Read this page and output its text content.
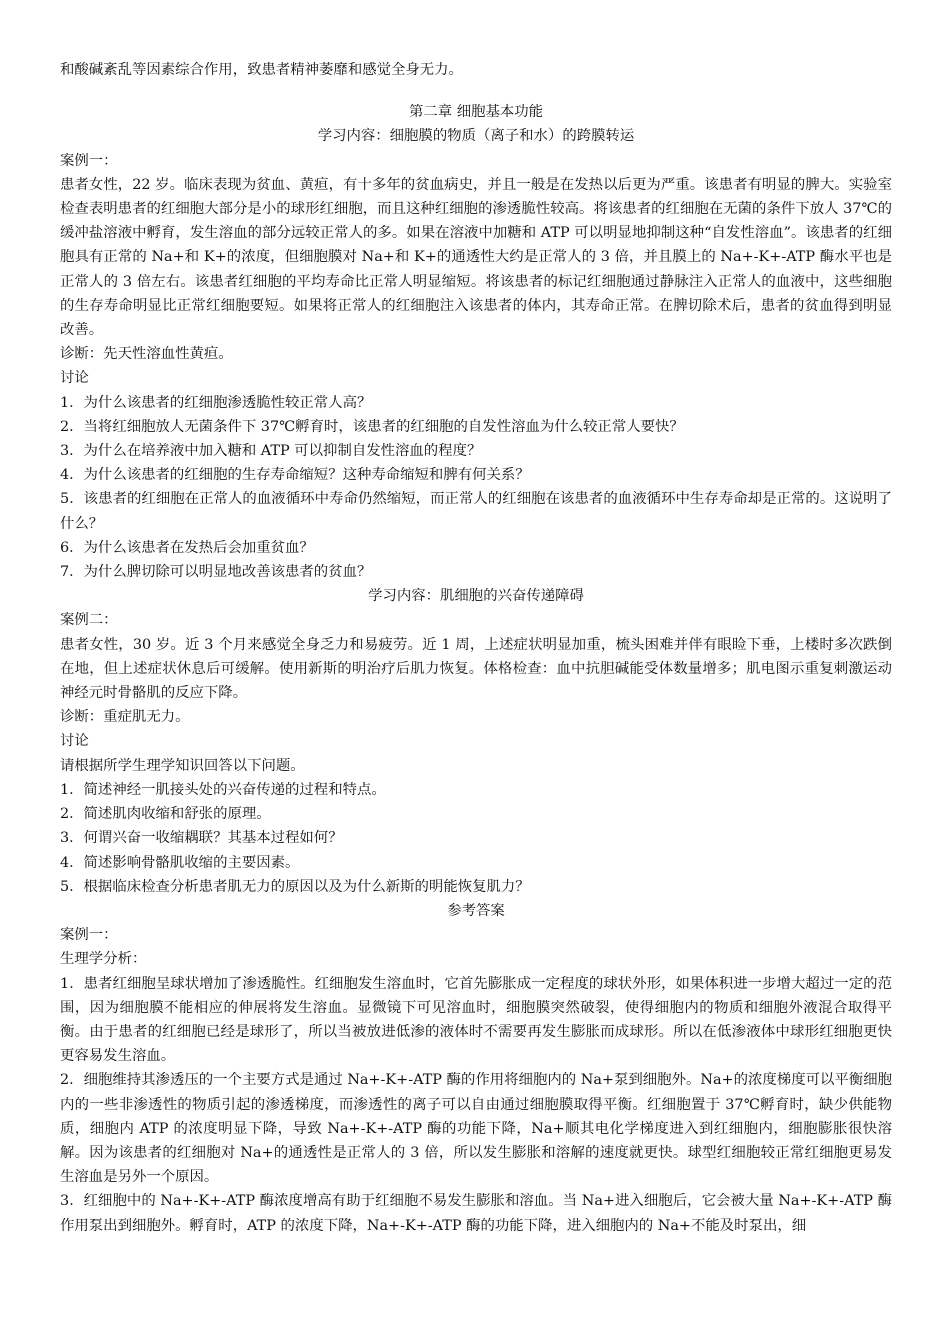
和酸碱紊乱等因素综合作用，致患者精神萎靡和感觉全身无力。
第二章 细胞基本功能
学习内容：细胞膜的物质（离子和水）的跨膜转运
案例一：
患者女性，22 岁。临床表现为贫血、黄疸，有十多年的贫血病史，并且一般是在发热以后更为严重。该患者有明显的脾大。实验室检查表明患者的红细胞大部分是小的球形红细胞，而且这种红细胞的渗透脆性较高。将该患者的红细胞在无菌的条件下放人 37℃的缓冲盐溶液中孵育，发生溶血的部分远较正常人的多。如果在溶液中加糖和 ATP 可以明显地抑制这种“自发性溶血”。该患者的红细胞具有正常的 Na+和 K+的浓度，但细胞膜对 Na+和 K+的通透性大约是正常人的 3 倍，并且膜上的 Na+-K+-ATP 酶水平也是正常人的 3 倍左右。该患者红细胞的平均寿命比正常人明显缩短。将该患者的标记红细胞通过静脉注入正常人的血液中，这些细胞的生存寿命明显比正常红细胞要短。如果将正常人的红细胞注入该患者的体内，其寿命正常。在脾切除术后，患者的贫血得到明显改善。
诊断：先天性溶血性黄疸。
讨论
1．为什么该患者的红细胞渗透脆性较正常人高？
2．当将红细胞放人无菌条件下 37℃孵育时，该患者的红细胞的自发性溶血为什么较正常人要快？
3．为什么在培养液中加入糖和 ATP 可以抑制自发性溶血的程度？
4．为什么该患者的红细胞的生存寿命缩短？这种寿命缩短和脾有何关系？
5．该患者的红细胞在正常人的血液循环中寿命仍然缩短，而正常人的红细胞在该患者的血液循环中生存寿命却是正常的。这说明了什么？
6．为什么该患者在发热后会加重贫血？
7．为什么脾切除可以明显地改善该患者的贫血？
学习内容：肌细胞的兴奋传递障碍
案例二：
患者女性，30 岁。近 3 个月来感觉全身乏力和易疲劳。近 1 周，上述症状明显加重，梳头困难并伴有眼睑下垂，上楼时多次跌倒在地，但上述症状休息后可缓解。使用新斯的明治疗后肌力恢复。体格检查：血中抗胆碱能受体数量增多；肌电图示重复刺激运动神经元时骨骼肌的反应下降。
诊断：重症肌无力。
讨论
请根据所学生理学知识回答以下问题。
1．简述神经一肌接头处的兴奋传递的过程和特点。
2．简述肌肉收缩和舒张的原理。
3．何谓兴奋一收缩耦联？其基本过程如何？
4．简述影响骨骼肌收缩的主要因素。
5．根据临床检查分析患者肌无力的原因以及为什么新斯的明能恢复肌力？
参考答案
案例一：
生理学分析：
1．患者红细胞呈球状增加了渗透脆性。红细胞发生溶血时，它首先膨胀成一定程度的球状外形，如果体积进一步增大超过一定的范围，因为细胞膜不能相应的伸展将发生溶血。显微镜下可见溶血时，细胞膜突然破裂，使得细胞内的物质和细胞外液混合取得平衡。由于患者的红细胞已经是球形了，所以当被放进低渗的液体时不需要再发生膨胀而成球形。所以在低渗液体中球形红细胞更快更容易发生溶血。
2．细胞维持其渗透压的一个主要方式是通过 Na+-K+-ATP 酶的作用将细胞内的 Na+泵到细胞外。Na+的浓度梯度可以平衡细胞内的一些非渗透性的物质引起的渗透梯度，而渗透性的离子可以自由通过细胞膜取得平衡。红细胞置于 37℃孵育时，缺少供能物质，细胞内 ATP 的浓度明显下降，导致 Na+-K+-ATP 酶的功能下降，Na+顺其电化学梯度进入到红细胞内，细胞膨胀很快溶解。因为该患者的红细胞对 Na+的通透性是正常人的 3 倍，所以发生膨胀和溶解的速度就更快。球型红细胞较正常红细胞更易发生溶血是另外一个原因。
3．红细胞中的 Na+-K+-ATP 酶浓度增高有助于红细胞不易发生膨胀和溶血。当 Na+进入细胞后，它会被大量 Na+-K+-ATP 酶作用泵出到细胞外。孵育时，ATP 的浓度下降，Na+-K+-ATP 酶的功能下降，进入细胞内的 Na+不能及时泵出，细
